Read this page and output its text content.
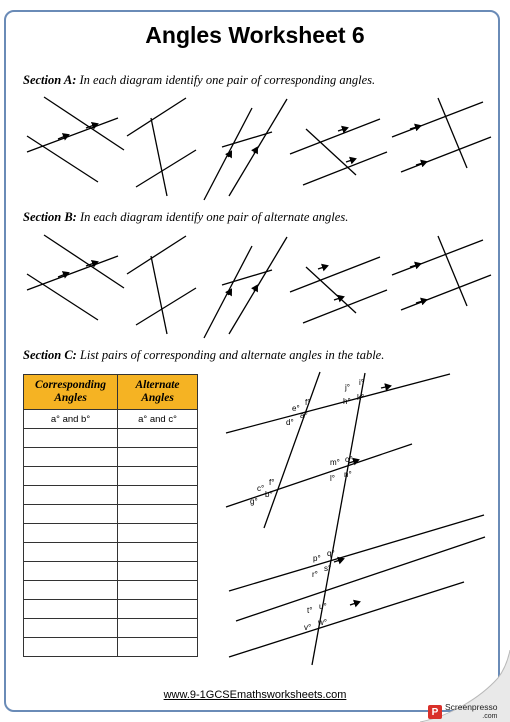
Angles Worksheet 6
Section A: In each diagram identify one pair of corresponding angles.
Section B: In each diagram identify one pair of alternate angles.
Section C: List pairs of corresponding and alternate angles in the table.
e°
f°
d°
a°
j°
i°
h° k°
c°
f°
g°
b°
m° o°
l° n°
p°
q°
r°
s°
t° u°
v°
w°
Corresponding Angles	Alternate Angles
a° and b°	a° and c°

www.9-1GCSEmathsworksheets.com
P Screenpresso
.com
